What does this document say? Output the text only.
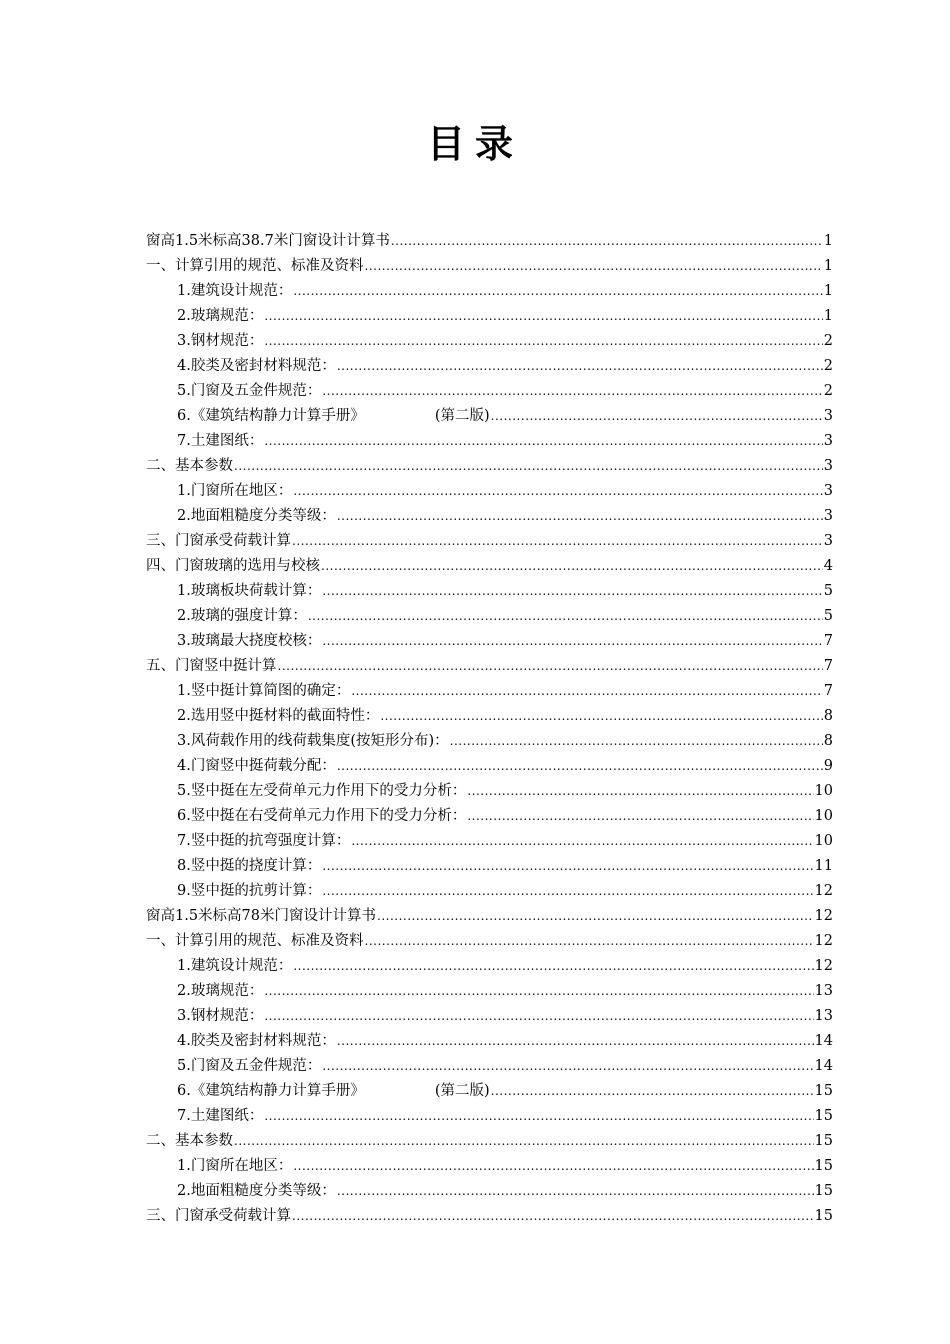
目录
窗高1.5米标高38.7米门窗设计计算书 .....	1
一、计算引用的规范、标准及资料 .....	1
1.建筑设计规范： .....	1
2.玻璃规范： .....	1
3.钢材规范： .....	2
4.胶类及密封材料规范： .....	2
5.门窗及五金件规范： .....	2
6.《建筑结构静力计算手册》	(第二版) .....	3
7.土建图纸： .....	3
二、基本参数 .....	3
1.门窗所在地区： .....	3
2.地面粗糙度分类等级： .....	3
三、门窗承受荷载计算 .....	3
四、门窗玻璃的选用与校核 .....	4
1.玻璃板块荷载计算： .....	5
2.玻璃的强度计算： .....	5
3.玻璃最大挠度校核： .....	7
五、门窗竖中挺计算 .....	7
1.竖中挺计算简图的确定： .....	7
2.选用竖中挺材料的截面特性： .....	8
3.风荷载作用的线荷载集度(按矩形分布)： .....	8
4.门窗竖中挺荷载分配： .....	9
5.竖中挺在左受荷单元力作用下的受力分析： .....	10
6.竖中挺在右受荷单元力作用下的受力分析： .....	10
7.竖中挺的抗弯强度计算： .....	10
8.竖中挺的挠度计算： .....	11
9.竖中挺的抗剪计算： .....	12
窗高1.5米标高78米门窗设计计算书 .....	12
一、计算引用的规范、标准及资料 .....	12
1.建筑设计规范： .....	12
2.玻璃规范： .....	13
3.钢材规范： .....	13
4.胶类及密封材料规范： .....	14
5.门窗及五金件规范： .....	14
6.《建筑结构静力计算手册》	(第二版) .....	15
7.土建图纸： .....	15
二、基本参数 .....	15
1.门窗所在地区： .....	15
2.地面粗糙度分类等级： .....	15
三、门窗承受荷载计算 .....	15
